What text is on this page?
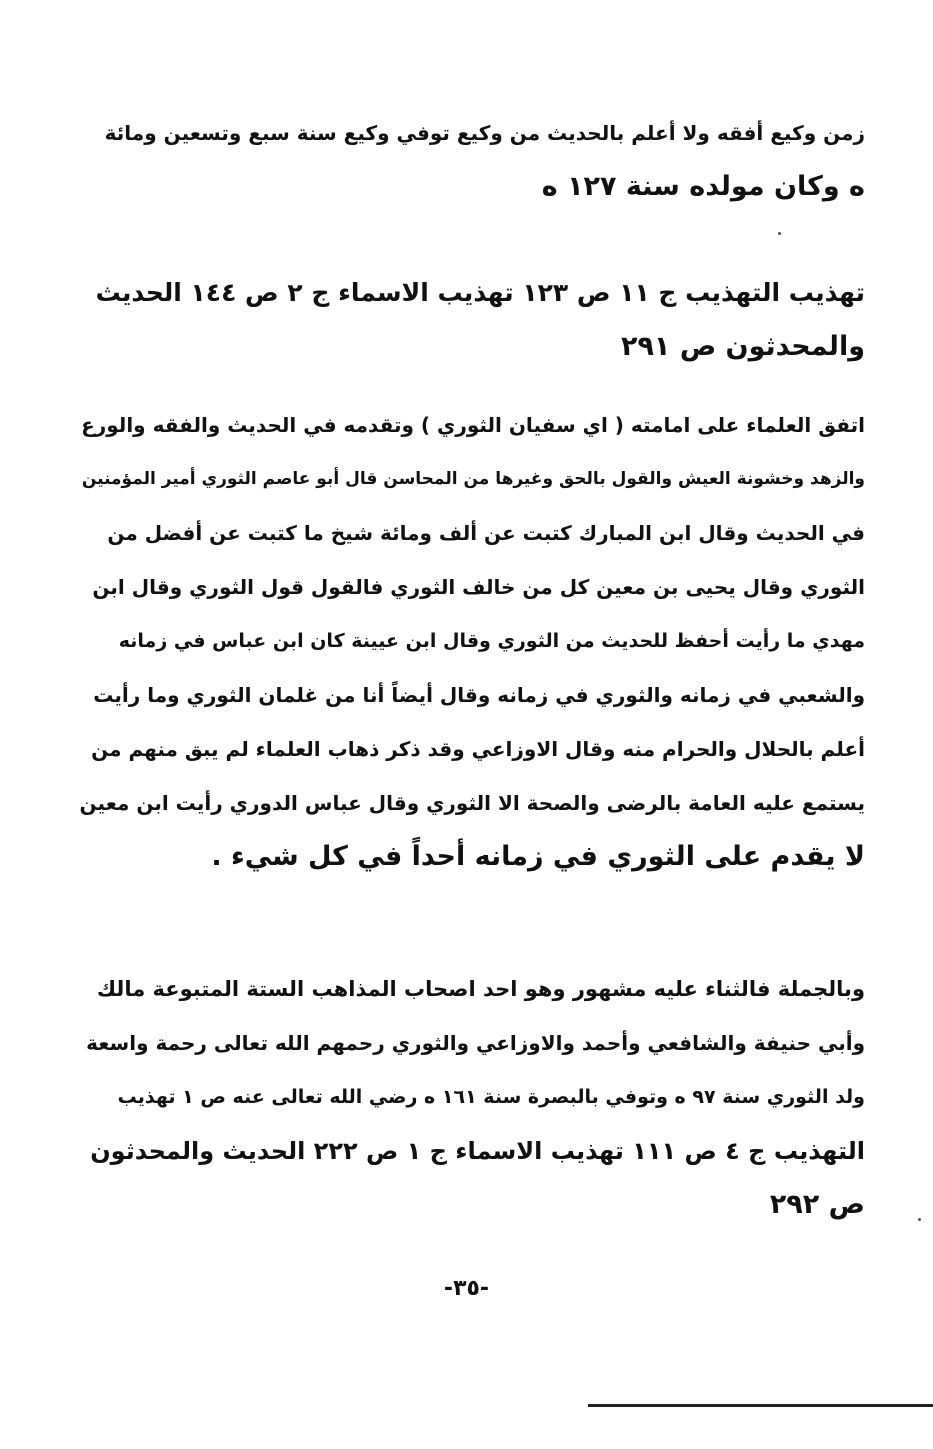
زمن وكيع أفقه ولا أعلم بالحديث من وكيع توفي وكيع سنة سبع وتسعين ومائة
ه وكان مولده سنة ١٢٧ ه
تهذيب التهذيب ج ١١ ص ١٢٣ تهذيب الاسماء ج ٢ ص ١٤٤ الحديث
والمحدثون ص ٢٩١
اتفق العلماء على امامته ( اي سفيان الثوري ) وتقدمه في الحديث والفقه والورع
والزهد وخشونة العيش والقول بالحق وغيرها من المحاسن قال أبو عاصم الثوري أمير المؤمنين
في الحديث وقال ابن المبارك كتبت عن ألف ومائة شيخ ما كتبت عن أفضل من
الثوري وقال يحيى بن معين كل من خالف الثوري فالقول قول الثوري وقال ابن
مهدي ما رأيت أحفظ للحديث من الثوري وقال ابن عيينة كان ابن عباس في زمانه
والشعبي في زمانه والثوري في زمانه وقال أيضاً أنا من غلمان الثوري وما رأيت
أعلم بالحلال والحرام منه وقال الاوزاعي وقد ذكر ذهاب العلماء لم يبق منهم من
يستمع عليه العامة بالرضى والصحة الا الثوري وقال عباس الدوري رأيت ابن معين
لا يقدم على الثوري في زمانه أحداً في كل شيء .
وبالجملة فالثناء عليه مشهور وهو احد اصحاب المذاهب الستة المتبوعة مالك
وأبي حنيفة والشافعي وأحمد والاوزاعي والثوري رحمهم الله تعالى رحمة واسعة
ولد الثوري سنة ٩٧ ه وتوفي بالبصرة سنة ١٦١ ه رضي الله تعالى عنه ص ١ تهذيب
التهذيب ج ٤ ص ١١١ تهذيب الاسماء ج ١ ص ٢٢٢ الحديث والمحدثون
ص ٢٩٢
-٣٥-
